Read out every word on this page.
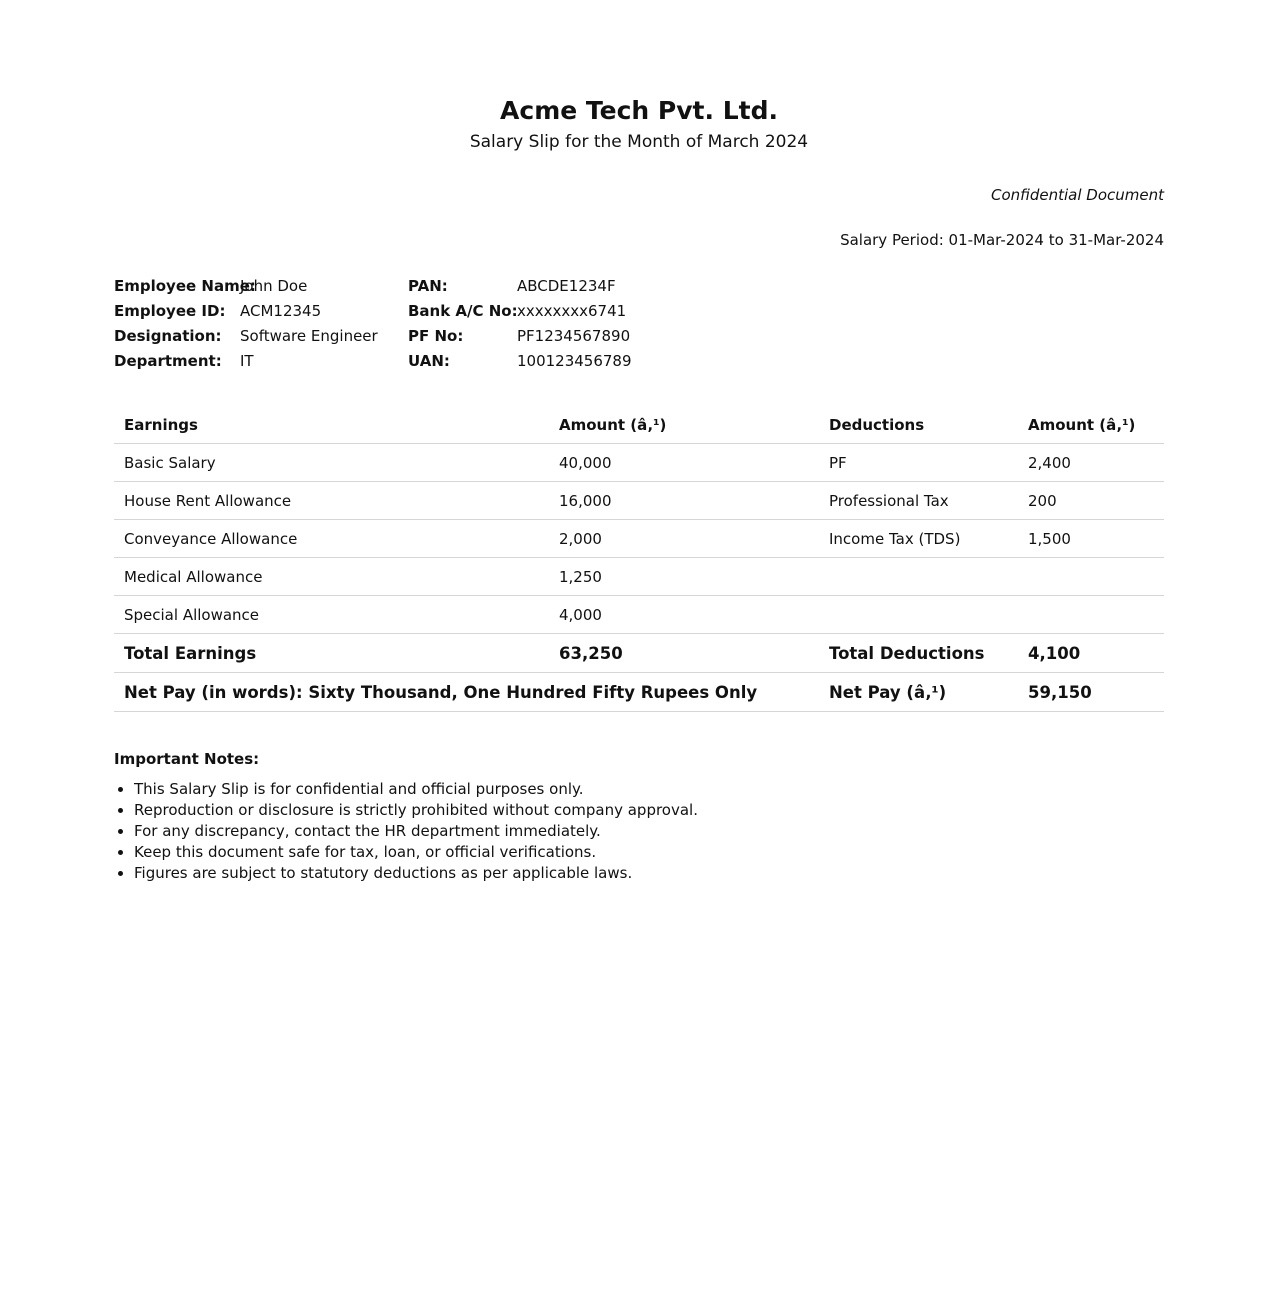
Acme Tech Pvt. Ltd.
Salary Slip for the Month of March 2024
Confidential Document
Salary Period: 01-Mar-2024 to 31-Mar-2024
Employee Name:
John Doe
Employee ID: ACM12345
Designation:	Software Engineer
Department:	IT
PAN:	ABCDE1234F
Bank A/C No: xxxxxxxx6741
PF No:	PF1234567890
UAN:	100123456789
Earnings	Amount (â‚¹)	Deductions	Amount (â‚¹)
Basic Salary	40,000	PF	2,400
House Rent Allowance	16,000	Professional Tax	200
Conveyance Allowance	2,000	Income Tax (TDS)	1,500
Medical Allowance	1,250		
Special Allowance	4,000		
Total Earnings	63,250	Total Deductions	4,100
Net Pay (in words): Sixty Thousand, One Hundred Fifty Rupees Only		Net Pay (â‚¹)	59,150
Important Notes:
• This Salary Slip is for confidential and official purposes only.
• Reproduction or disclosure is strictly prohibited without company approval.
• For any discrepancy, contact the HR department immediately.
• Keep this document safe for tax, loan, or official verifications.
• Figures are subject to statutory deductions as per applicable laws.
